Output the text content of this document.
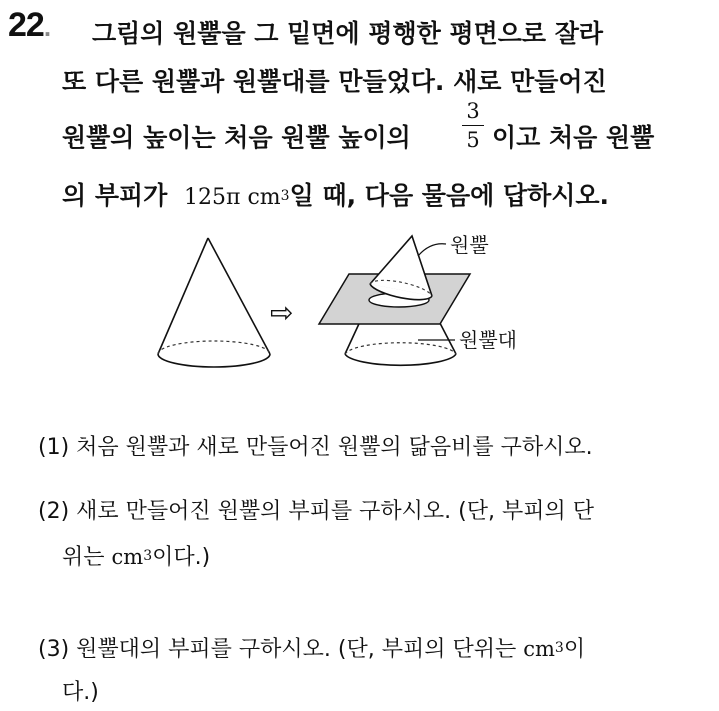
22. 그림의 원뿔을 그 밑면에 평행한 평면으로 잘라
또 다른 원뿔과 원뿔대를 만들었다. 새로 만들어진
원뿔의 높이는 처음 원뿔 높이의
3
5 이고 처음 원뿔
의 부피가 125π $cm^3$일 때, 다음 물음에 답하시오.
⇨
원뿔
원뿔대
(1) 처음 원뿔과 새로 만들어진 원뿔의 닮음비를 구하시오.
(2) 새로 만들어진 원뿔의 부피를 구하시오. (단, 부피의 단
위는 $cm^3$이다.)
(3) 원뿔대의 부피를 구하시오. (단, 부피의 단위는 $cm^3$이
다.)
